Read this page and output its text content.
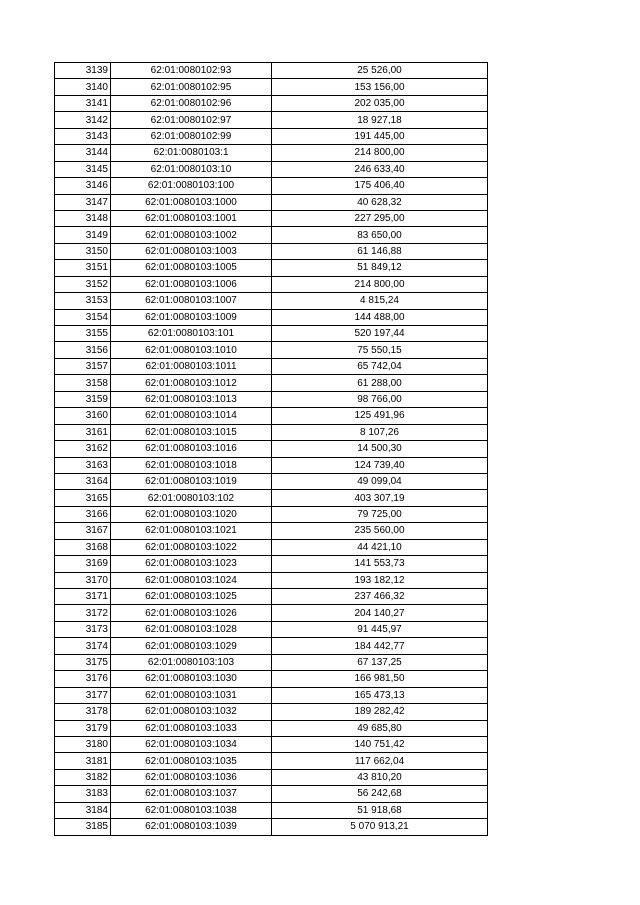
3139	62:01:0080102:93	25 526,00
3140	62:01:0080102:95	153 156,00
3141	62:01:0080102:96	202 035,00
3142	62:01:0080102:97	18 927,18
3143	62:01:0080102:99	191 445,00
3144	62:01:0080103:1	214 800,00
3145	62:01:0080103:10	246 633,40
3146	62:01:0080103:100	175 406,40
3147	62:01:0080103:1000	40 628,32
3148	62:01:0080103:1001	227 295,00
3149	62:01:0080103:1002	83 650,00
3150	62:01:0080103:1003	61 146,88
3151	62:01:0080103:1005	51 849,12
3152	62:01:0080103:1006	214 800,00
3153	62:01:0080103:1007	4 815,24
3154	62:01:0080103:1009	144 488,00
3155	62:01:0080103:101	520 197,44
3156	62:01:0080103:1010	75 550,15
3157	62:01:0080103:1011	65 742,04
3158	62:01:0080103:1012	61 288,00
3159	62:01:0080103:1013	98 766,00
3160	62:01:0080103:1014	125 491,96
3161	62:01:0080103:1015	8 107,26
3162	62:01:0080103:1016	14 500,30
3163	62:01:0080103:1018	124 739,40
3164	62:01:0080103:1019	49 099,04
3165	62:01:0080103:102	403 307,19
3166	62:01:0080103:1020	79 725,00
3167	62:01:0080103:1021	235 560,00
3168	62:01:0080103:1022	44 421,10
3169	62:01:0080103:1023	141 553,73
3170	62:01:0080103:1024	193 182,12
3171	62:01:0080103:1025	237 466,32
3172	62:01:0080103:1026	204 140,27
3173	62:01:0080103:1028	91 445,97
3174	62:01:0080103:1029	184 442,77
3175	62:01:0080103:103	67 137,25
3176	62:01:0080103:1030	166 981,50
3177	62:01:0080103:1031	165 473,13
3178	62:01:0080103:1032	189 282,42
3179	62:01:0080103:1033	49 685,80
3180	62:01:0080103:1034	140 751,42
3181	62:01:0080103:1035	117 662,04
3182	62:01:0080103:1036	43 810,20
3183	62:01:0080103:1037	56 242,68
3184	62:01:0080103:1038	51 918,68
3185	62:01:0080103:1039	5 070 913,21
